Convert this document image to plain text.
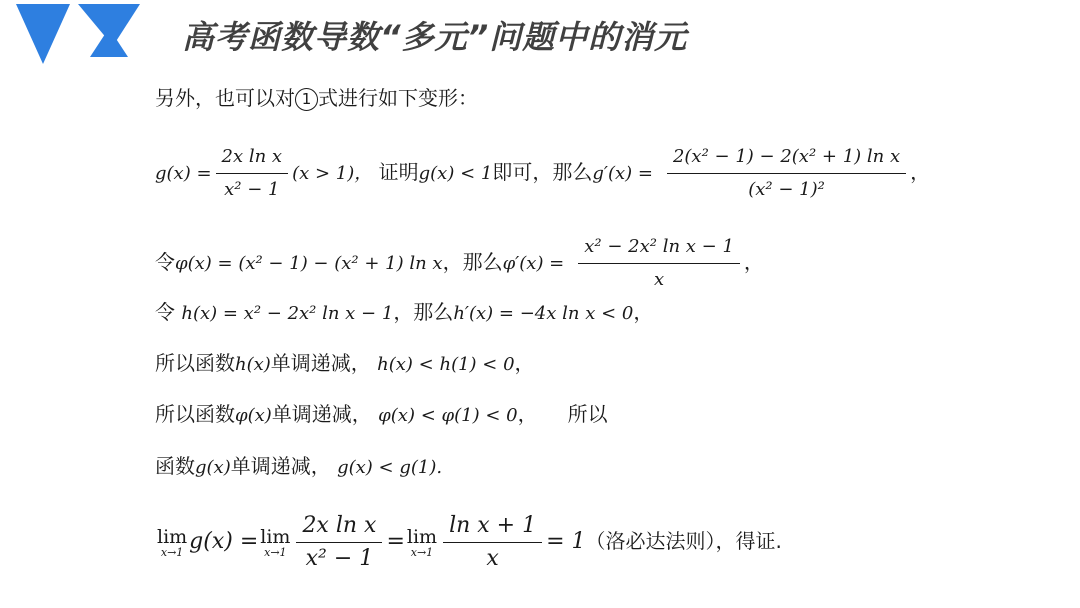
高考函数导数“多元”问题中的消元
另外，也可以对 1 式进行如下变形：
$g(x) = \frac{\text{2x ln x}}{\text{x² − 1}} (x > 1)$， 证明g(x) < 1即可，那么$g'(x) = \frac{\text{2(x² − 1) − 2(x² + 1) ln x}}{\text{(x² − 1)²}}$ ，
令φ(x) = (x² − 1) − (x² + 1) ln x，那么$\varphi'(x) = \frac{\text{x² − 2x² ln x − 1}}{x}$ ，
令 h(x) = x² − 2x² ln x − 1，那么h′(x) = −4x ln x < 0，
所以函数h(x)单调递减， h(x) < h(1) < 0，
所以函数φ(x)单调递减， φ(x) < φ(1) < 0， 所以
函数g(x)单调递减， g(x) < g(1).
lim
x→1 g(x) = lim
$x\to 1 \frac{\text{2x ln x}}{\text{x² − 1}} = \lim$
$x\to 1 \frac{\text{ln x + 1}}{x} = 1$（洛必达法则），得证.
